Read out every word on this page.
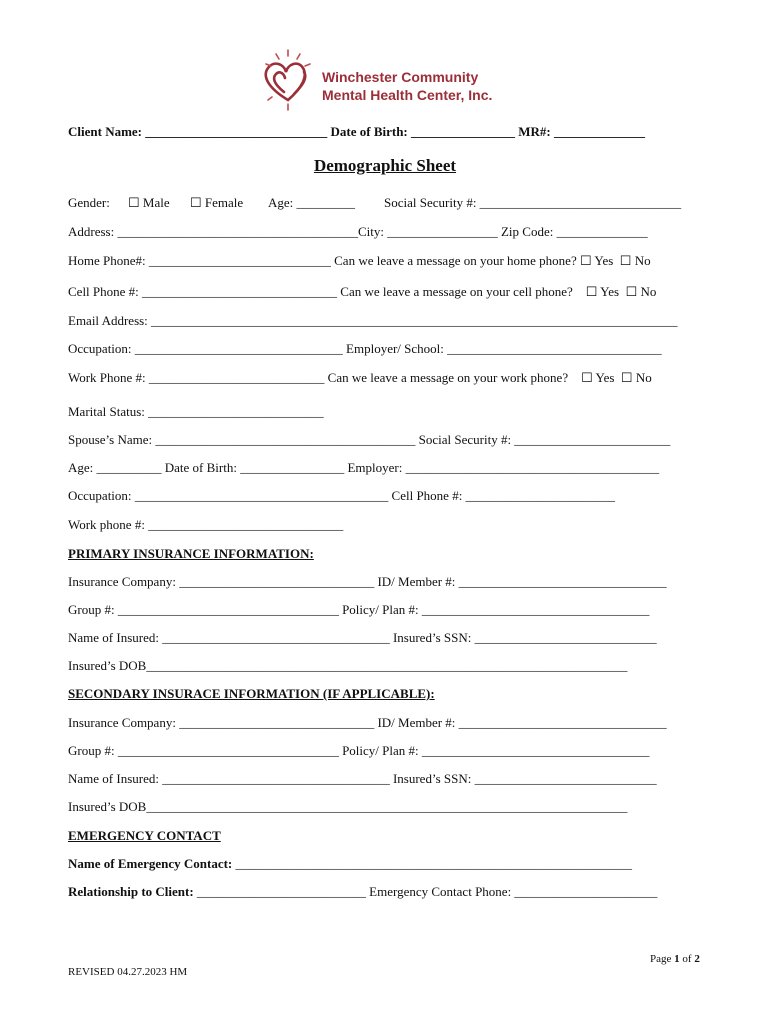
Winchester Community
Mental Health Center, Inc.
Client Name: ____________________________ Date of Birth: ________________ MR#: ______________
Demographic Sheet
Gender: ☐ Male ☐ Female Age: _________ Social Security #: _______________________________
Address: _____________________________________City: _________________ Zip Code: ______________
Home Phone#: ____________________________ Can we leave a message on your home phone? ☐ Yes  ☐ No
Cell Phone #: ______________________________ Can we leave a message on your cell phone?    ☐ Yes  ☐ No
Email Address: _________________________________________________________________________________
Occupation: ________________________________ Employer/ School: _________________________________
Work Phone #: ___________________________ Can we leave a message on your work phone?    ☐ Yes  ☐ No
Marital Status: ___________________________
Spouse’s Name: ________________________________________ Social Security #: ________________________
Age: __________ Date of Birth: ________________ Employer: _______________________________________
Occupation: _______________________________________ Cell Phone #: _______________________
Work phone #: ______________________________
PRIMARY INSURANCE INFORMATION:
Insurance Company: ______________________________ ID/ Member #: ________________________________
Group #: __________________________________ Policy/ Plan #: ___________________________________
Name of Insured: ___________________________________ Insured’s SSN: ____________________________
Insured’s DOB__________________________________________________________________________
SECONDARY INSURACE INFORMATION (IF APPLICABLE):
Insurance Company: ______________________________ ID/ Member #: ________________________________
Group #: __________________________________ Policy/ Plan #: ___________________________________
Name of Insured: ___________________________________ Insured’s SSN: ____________________________
Insured’s DOB__________________________________________________________________________
EMERGENCY CONTACT
Name of Emergency Contact: _____________________________________________________________
Relationship to Client: __________________________ Emergency Contact Phone: ______________________
Page 1 of 2
REVISED 04.27.2023 HM
